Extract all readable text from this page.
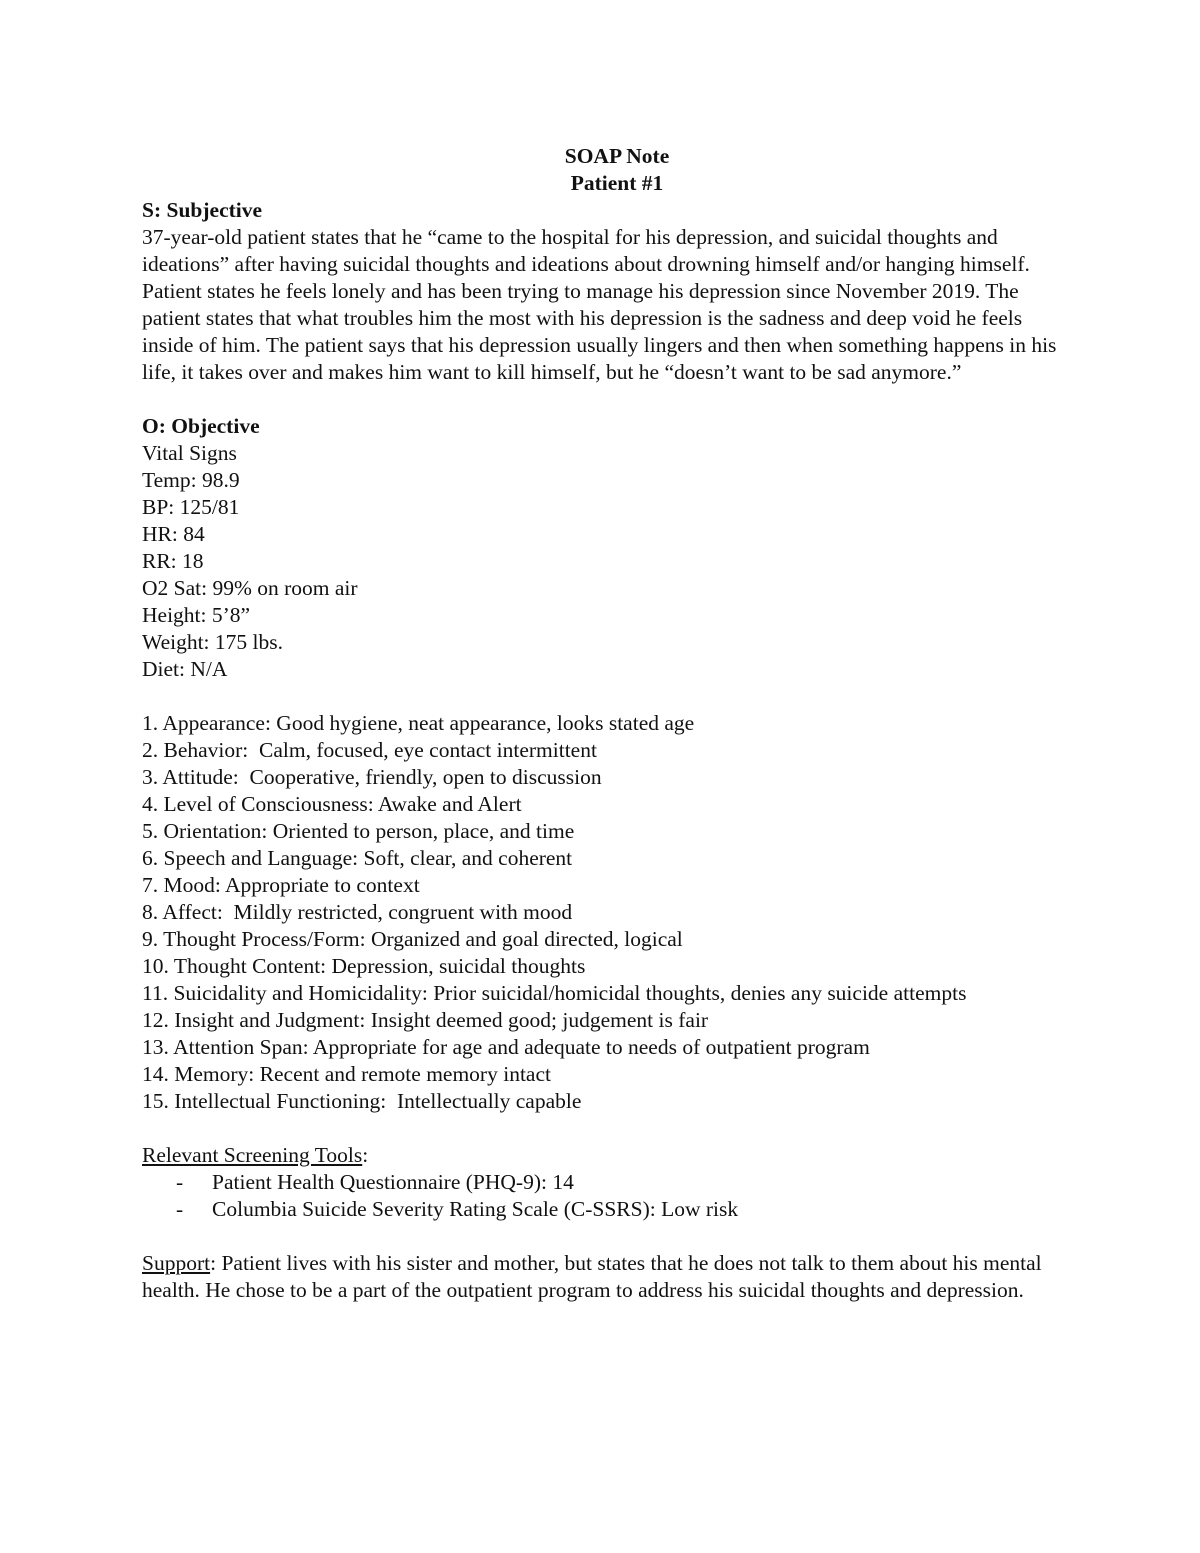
SOAP Note

Patient #1

S: Subjective

37-year-old patient states that he “came to the hospital for his depression, and suicidal thoughts and ideations” after having suicidal thoughts and ideations about drowning himself and/or hanging himself. Patient states he feels lonely and has been trying to manage his depression since November 2019. The patient states that what troubles him the most with his depression is the sadness and deep void he feels inside of him. The patient says that his depression usually lingers and then when something happens in his life, it takes over and makes him want to kill himself, but he “doesn’t want to be sad anymore.”

O: Objective

Vital Signs

Temp: 98.9

BP: 125/81

HR: 84

RR: 18

O2 Sat: 99% on room air

Height: 5’8”

Weight: 175 lbs.

Diet: N/A

1. Appearance: Good hygiene, neat appearance, looks stated age

2. Behavior:  Calm, focused, eye contact intermittent

3. Attitude:  Cooperative, friendly, open to discussion

4. Level of Consciousness: Awake and Alert

5. Orientation: Oriented to person, place, and time

6. Speech and Language: Soft, clear, and coherent

7. Mood: Appropriate to context

8. Affect:  Mildly restricted, congruent with mood

9. Thought Process/Form: Organized and goal directed, logical

10. Thought Content: Depression, suicidal thoughts

11. Suicidality and Homicidality: Prior suicidal/homicidal thoughts, denies any suicide attempts

12. Insight and Judgment: Insight deemed good; judgement is fair

13. Attention Span: Appropriate for age and adequate to needs of outpatient program

14. Memory: Recent and remote memory intact

15. Intellectual Functioning:  Intellectually capable

Relevant Screening Tools:

- Patient Health Questionnaire (PHQ-9): 14
- Columbia Suicide Severity Rating Scale (C-SSRS): Low risk

Support: Patient lives with his sister and mother, but states that he does not talk to them about his mental health. He chose to be a part of the outpatient program to address his suicidal thoughts and depression.
